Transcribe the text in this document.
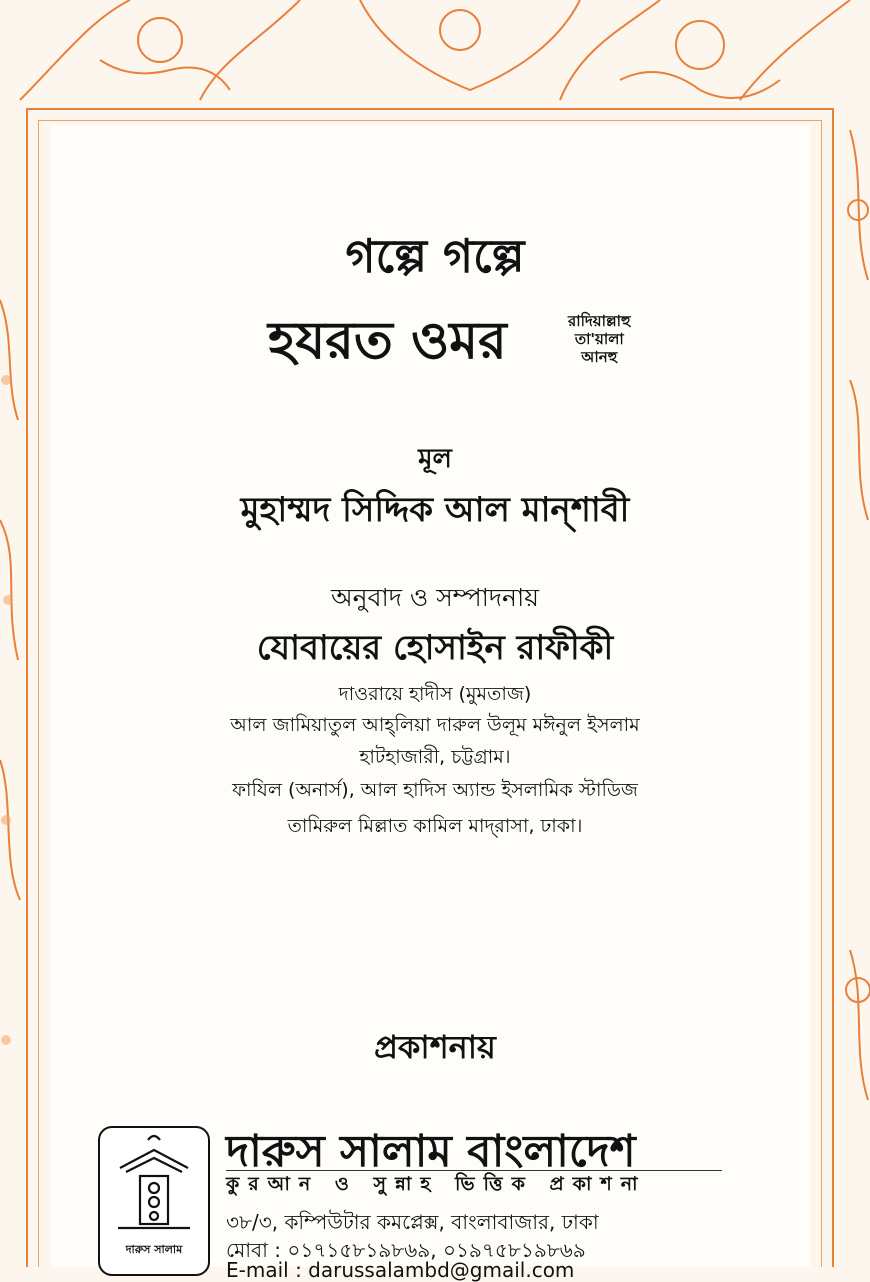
গল্পে গল্পে
হযরত ওমর	রাদিয়াল্লাহু
তা'য়ালা
আনহু
মূল
মুহাম্মদ সিদ্দিক আল মান্‌শাবী
অনুবাদ ও সম্পাদনায়
যোবায়ের হোসাইন রাফীকী
দাওরায়ে হাদীস (মুমতাজ)
আল জামিয়াতুল আহ্‌লিয়া দারুল উলূম মঈনুল ইসলাম
হাটহাজারী, চট্টগ্রাম।
ফাযিল (অনার্স), আল হাদিস অ্যান্ড ইসলামিক স্টাডিজ
তামিরুল মিল্লাত কামিল মাদ্‌রাসা, ঢাকা।
প্রকাশনায়
দারুস সালাম
দারুস সালাম বাংলাদেশ
কুরআন ও সুন্নাহ ভিত্তিক প্রকাশনা
৩৮/৩, কম্পিউটার কমপ্লেক্স, বাংলাবাজার, ঢাকা
মোবা : ০১৭১৫৮১৯৮৬৯, ০১৯৭৫৮১৯৮৬৯
E-mail : darussalambd@gmail.com
